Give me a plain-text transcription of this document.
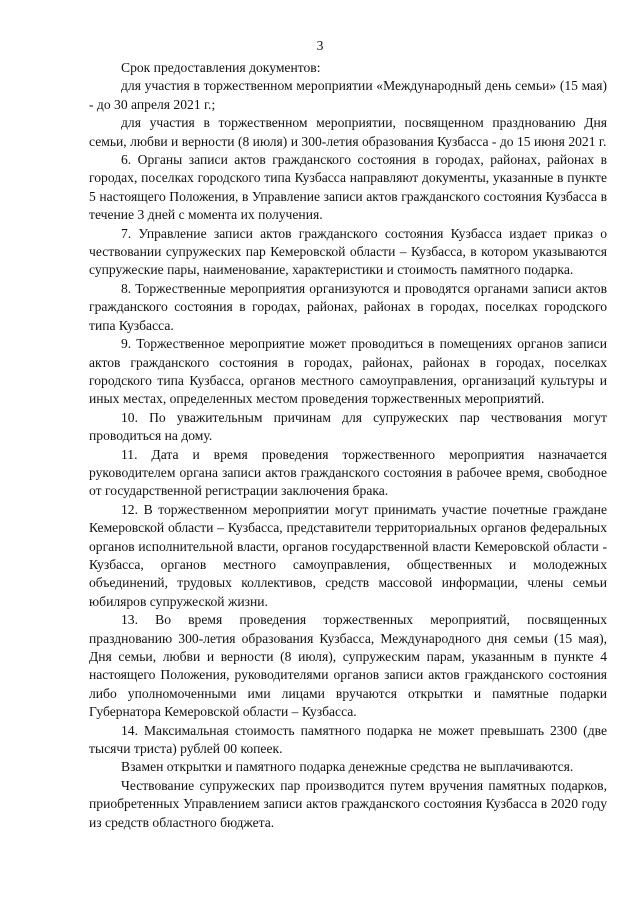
3

Срок предоставления документов:

для участия в торжественном мероприятии «Международный день семьи» (15 мая) - до 30 апреля 2021 г.;

для участия в торжественном мероприятии, посвященном празднованию Дня семьи, любви и верности (8 июля) и 300-летия образования Кузбасса - до 15 июня 2021 г.

6. Органы записи актов гражданского состояния в городах, районах, районах в городах, поселках городского типа Кузбасса направляют документы, указанные в пункте 5 настоящего Положения, в Управление записи актов гражданского состояния Кузбасса в течение 3 дней с момента их получения.

7. Управление записи актов гражданского состояния Кузбасса издает приказ о чествовании супружеских пар Кемеровской области – Кузбасса, в котором указываются супружеские пары, наименование, характеристики и стоимость памятного подарка.

8. Торжественные мероприятия организуются и проводятся органами записи актов гражданского состояния в городах, районах, районах в городах, поселках городского типа Кузбасса.

9. Торжественное мероприятие может проводиться в помещениях органов записи актов гражданского состояния в городах, районах, районах в городах, поселках городского типа Кузбасса, органов местного самоуправления, организаций культуры и иных местах, определенных местом проведения торжественных мероприятий.

10. По уважительным причинам для супружеских пар чествования могут проводиться на дому.

11. Дата и время проведения торжественного мероприятия назначается руководителем органа записи актов гражданского состояния в рабочее время, свободное от государственной регистрации заключения брака.

12. В торжественном мероприятии могут принимать участие почетные граждане Кемеровской области – Кузбасса, представители территориальных органов федеральных органов исполнительной власти, органов государственной власти Кемеровской области - Кузбасса, органов местного самоуправления, общественных и молодежных объединений, трудовых коллективов, средств массовой информации, члены семьи юбиляров супружеской жизни.

13. Во время проведения торжественных мероприятий, посвященных празднованию 300-летия образования Кузбасса, Международного дня семьи (15 мая), Дня семьи, любви и верности (8 июля), супружеским парам, указанным в пункте 4 настоящего Положения, руководителями органов записи актов гражданского состояния либо уполномоченными ими лицами вручаются открытки и памятные подарки Губернатора Кемеровской области – Кузбасса.

14. Максимальная стоимость памятного подарка не может превышать 2300 (две тысячи триста) рублей 00 копеек.

Взамен открытки и памятного подарка денежные средства не выплачиваются.

Чествование супружеских пар производится путем вручения памятных подарков, приобретенных Управлением записи актов гражданского состояния Кузбасса в 2020 году из средств областного бюджета.
